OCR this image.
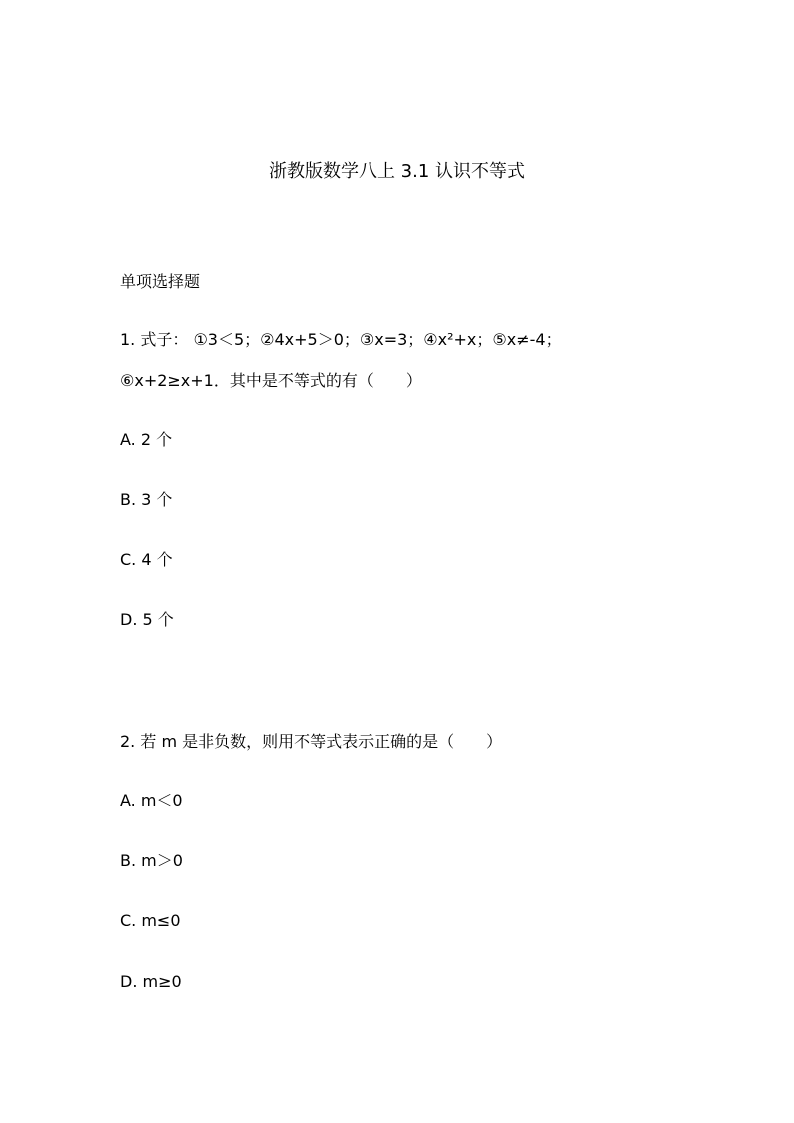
浙教版数学八上 3.1 认识不等式
单项选择题
1. 式子： ①3＜5；②4x+5＞0；③x=3；④x²+x；⑤x≠-4；
⑥x+2≥x+1．其中是不等式的有（　　）
A. 2 个
B. 3 个
C. 4 个
D. 5 个
2. 若 m 是非负数，则用不等式表示正确的是（　　）
A. m＜0
B. m＞0
C. m≤0
D. m≥0
